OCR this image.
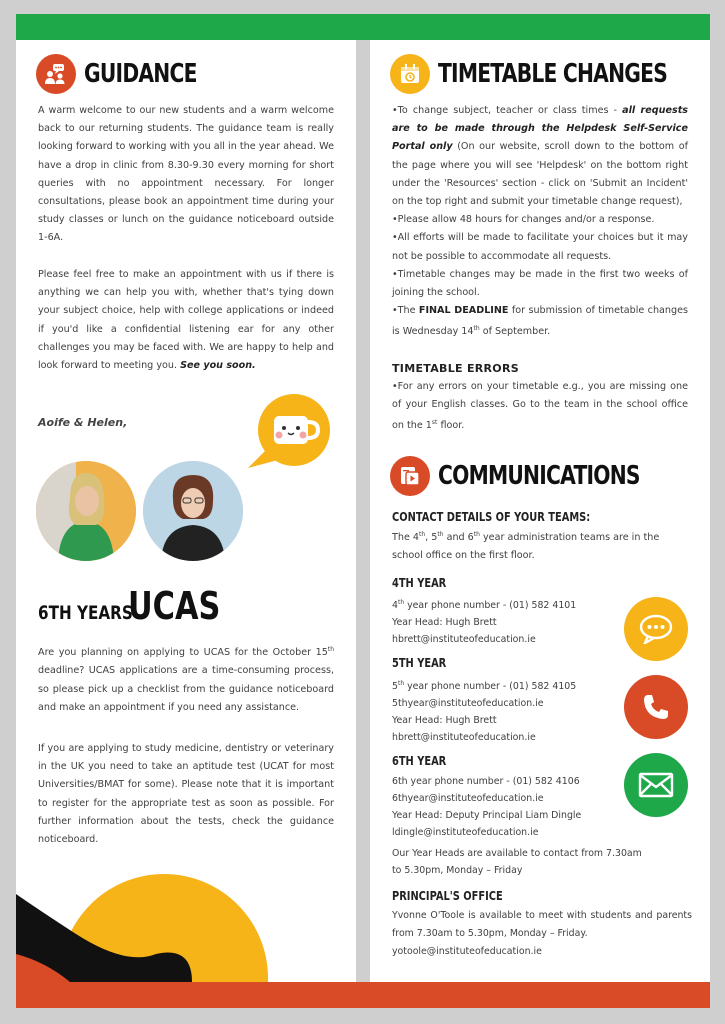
GUIDANCE

A warm welcome to our new students and a warm welcome back to our returning students. The guidance team is really looking forward to working with you all in the year ahead. We have a drop in clinic from 8.30-9.30 every morning for short queries with no appointment necessary. For longer consultations, please book an appointment time during your study classes or lunch on the guidance noticeboard outside 1-6A.

Please feel free to make an appointment with us if there is anything we can help you with, whether that's tying down your subject choice, help with college applications or indeed if you'd like a confidential listening ear for any other challenges you may be faced with. We are happy to help and look forward to meeting you. See you soon.

Aoife & Helen,
6TH YEARS
UCAS

Are you planning on applying to UCAS for the October 15th deadline? UCAS applications are a time-consuming process, so please pick up a checklist from the guidance noticeboard and make an appointment if you need any assistance.

If you are applying to study medicine, dentistry or veterinary in the UK you need to take an aptitude test (UCAT for most Universities/BMAT for some). Please note that it is important to register for the appropriate test as soon as possible. For further information about the tests, check the guidance noticeboard.

TIMETABLE CHANGES

•To change subject, teacher or class times - all requests are to be made through the Helpdesk Self-Service Portal only (On our website, scroll down to the bottom of the page where you will see 'Helpdesk' on the bottom right under the 'Resources' section - click on 'Submit an Incident' on the top right and submit your timetable change request),

•Please allow 48 hours for changes and/or a response.

•All efforts will be made to facilitate your choices but it may not be possible to accommodate all requests.

•Timetable changes may be made in the first two weeks of joining the school.

•The FINAL DEADLINE for submission of timetable changes is Wednesday 14th of September.

TIMETABLE ERRORS

•For any errors on your timetable e.g., you are missing one of your English classes. Go to the team in the school office on the 1st floor.

COMMUNICATIONS
CONTACT DETAILS OF YOUR TEAMS:

The 4th, 5th and 6th year administration teams are in the school office on the first floor.

4TH YEAR
4th year phone number - (01) 582 4101
Year Head: Hugh Brett
hbrett@instituteofeducation.ie
5TH YEAR
5th year phone number - (01) 582 4105
5thyear@instituteofeducation.ie
Year Head: Hugh Brett
hbrett@instituteofeducation.ie
6TH YEAR
6th year phone number - (01) 582 4106
6thyear@instituteofeducation.ie
Year Head: Deputy Principal Liam Dingle
ldingle@instituteofeducation.ie

Our Year Heads are available to contact from 7.30am to 5.30pm, Monday – Friday

PRINCIPAL'S OFFICE

Yvonne O'Toole is available to meet with students and parents from 7.30am to 5.30pm, Monday – Friday.

yotoole@instituteofeducation.ie
